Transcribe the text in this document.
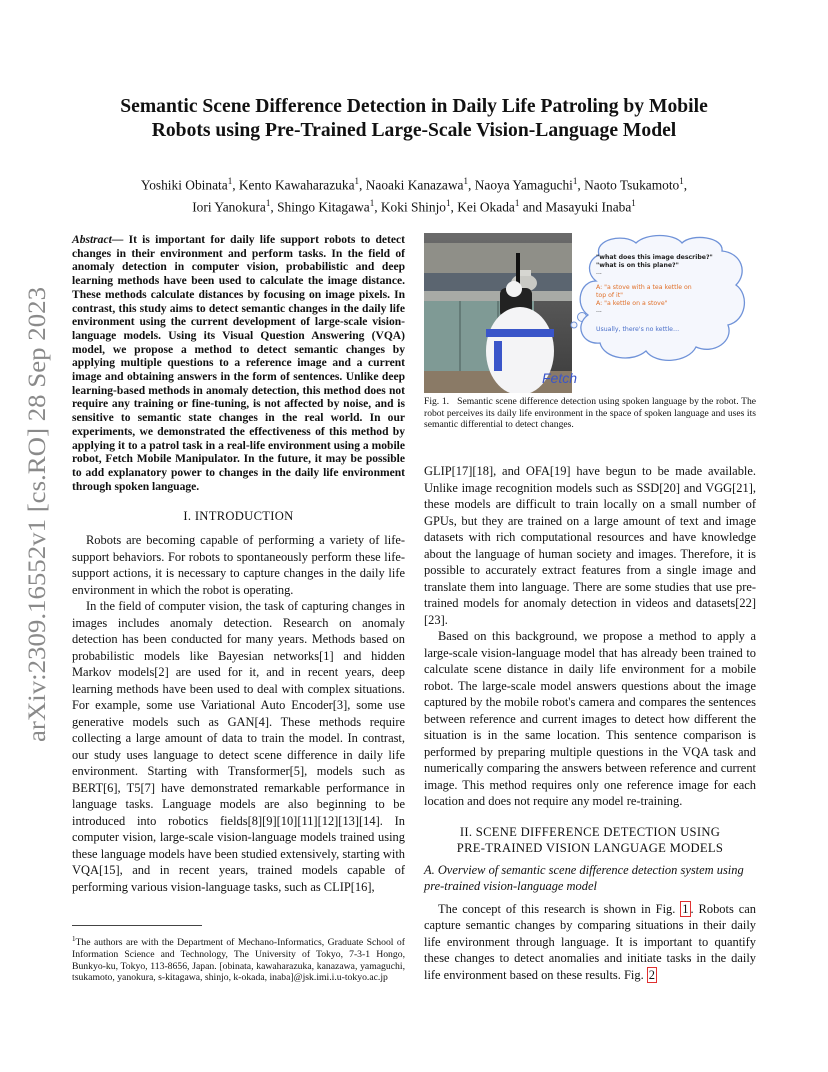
arXiv:2309.16552v1 [cs.RO] 28 Sep 2023
Semantic Scene Difference Detection in Daily Life Patroling by Mobile
Robots using Pre-Trained Large-Scale Vision-Language Model
Yoshiki Obinata$^1$, Kento Kawaharazuka$^1$, Naoaki Kanazawa$^1$, Naoya Yamaguchi$^1$, Naoto Tsukamoto$^1$,
Iori Yanokura$^1$, Shingo Kitagawa$^1$, Koki Shinjo$^1$, Kei Okada$^1$ and Masayuki Inaba$^1$

Abstract— It is important for daily life support robots to detect changes in their environment and perform tasks. In the field of anomaly detection in computer vision, probabilistic and deep learning methods have been used to calculate the image distance. These methods calculate distances by focusing on image pixels. In contrast, this study aims to detect semantic changes in the daily life environment using the current development of large-scale vision-language models. Using its Visual Question Answering (VQA) model, we propose a method to detect semantic changes by applying multiple questions to a reference image and a current image and obtaining answers in the form of sentences. Unlike deep learning-based methods in anomaly detection, this method does not require any training or fine-tuning, is not affected by noise, and is sensitive to semantic state changes in the real world. In our experiments, we demonstrated the effectiveness of this method by applying it to a patrol task in a real-life environment using a mobile robot, Fetch Mobile Manipulator. In the future, it may be possible to add explanatory power to changes in the daily life environment through spoken language.

I. INTRODUCTION

Robots are becoming capable of performing a variety of life-support behaviors. For robots to spontaneously perform these life-support actions, it is necessary to capture changes in the daily life environment in which the robot is operating.

In the field of computer vision, the task of capturing changes in images includes anomaly detection. Research on anomaly detection has been conducted for many years. Methods based on probabilistic models like Bayesian networks[1] and hidden Markov models[2] are used for it, and in recent years, deep learning methods have been used to deal with complex situations. For example, some use Variational Auto Encoder[3], some use generative models such as GAN[4]. These methods require collecting a large amount of data to train the model. In contrast, our study uses language to detect scene difference in daily life environment. Starting with Transformer[5], models such as BERT[6], T5[7] have demonstrated remarkable performance in language tasks. Language models are also beginning to be introduced into robotics fields[8][9][10][11][12][13][14]. In computer vision, large-scale vision-language models trained using these language models have been studied extensively, starting with VQA[15], and in recent years, trained models capable of performing various vision-language tasks, such as CLIP[16],

$^1$The authors are with the Department of Mechano-Informatics, Graduate School of Information Science and Technology, The University of Tokyo, 7-3-1 Hongo, Bunkyo-ku, Tokyo, 113-8656, Japan. [obinata, kawaharazuka, kanazawa, yamaguchi, tsukamoto, yanokura, s-kitagawa, shinjo, k-okada, inaba]@jsk.imi.i.u-tokyo.ac.jp
Fetch
"what does this image describe?"
"what is on this plane?"
...
A: "a stove with a tea kettle on
top of it"
A: "a kettle on a stove"
...
Usually, there's no kettle…
Fig. 1. Semantic scene difference detection using spoken language by the robot. The robot perceives its daily life environment in the space of spoken language and uses its semantic differential to detect changes.

GLIP[17][18], and OFA[19] have begun to be made available. Unlike image recognition models such as SSD[20] and VGG[21], these models are difficult to train locally on a small number of GPUs, but they are trained on a large amount of text and image datasets with rich computational resources and have knowledge about the language of human society and images. Therefore, it is possible to accurately extract features from a single image and translate them into language. There are some studies that use pre-trained models for anomaly detection in videos and datasets[22][23].

Based on this background, we propose a method to apply a large-scale vision-language model that has already been trained to calculate scene distance in daily life environment for a mobile robot. The large-scale model answers questions about the image captured by the mobile robot's camera and compares the sentences between reference and current images to detect how different the situation is in the same location. This sentence comparison is performed by preparing multiple questions in the VQA task and numerically comparing the answers between reference and current image. This method requires only one reference image for each location and does not require any model re-training.

II. SCENE DIFFERENCE DETECTION USING
PRE-TRAINED VISION LANGUAGE MODELS
A. Overview of semantic scene difference detection system using pre-trained vision-language model

The concept of this research is shown in Fig. 1 . Robots can capture semantic changes by comparing situations in their daily life environment through language. It is important to quantify these changes to detect anomalies and initiate tasks in the daily life environment based on these results. Fig. 2
